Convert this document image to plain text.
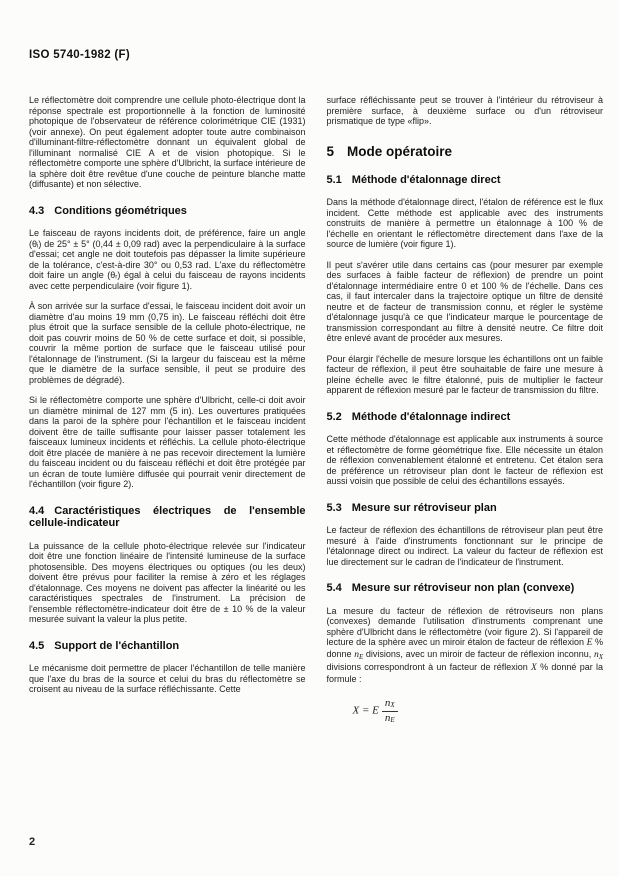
ISO 5740-1982 (F)

Le réflectomètre doit comprendre une cellule photo-électrique dont la réponse spectrale est proportionnelle à la fonction de luminosité photopique de l'observateur de référence colorimétrique CIE (1931) (voir annexe). On peut également adopter toute autre combinaison d'illuminant-filtre-réflectomètre donnant un équivalent global de l'illuminant normalisé CIE A et de vision photopique. Si le réflectomètre comporte une sphère d'Ulbricht, la surface intérieure de la sphère doit être revêtue d'une couche de peinture blanche matte (diffusante) et non sélective.

4.3 Conditions géométriques

Le faisceau de rayons incidents doit, de préférence, faire un angle (θᵢ) de 25° ± 5° (0,44 ± 0,09 rad) avec la perpendiculaire à la surface d'essai; cet angle ne doit toutefois pas dépasser la limite supérieure de la tolérance, c'est-à-dire 30° ou 0,53 rad. L'axe du réflectomètre doit faire un angle (θᵣ) égal à celui du faisceau de rayons incidents avec cette perpendiculaire (voir figure 1).

À son arrivée sur la surface d'essai, le faisceau incident doit avoir un diamètre d'au moins 19 mm (0,75 in). Le faisceau réfléchi doit être plus étroit que la surface sensible de la cellule photo-électrique, ne doit pas couvrir moins de 50 % de cette surface et doit, si possible, couvrir la même portion de surface que le faisceau utilisé pour l'étalonnage de l'instrument. (Si la largeur du faisceau est la même que le diamètre de la surface sensible, il peut se produire des problèmes de dégradé).

Si le réflectomètre comporte une sphère d'Ulbricht, celle-ci doit avoir un diamètre minimal de 127 mm (5 in). Les ouvertures pratiquées dans la paroi de la sphère pour l'échantillon et le faisceau incident doivent être de taille suffisante pour laisser passer totalement les faisceaux lumineux incidents et réfléchis. La cellule photo-électrique doit être placée de manière à ne pas recevoir directement la lumière du faisceau incident ou du faisceau réfléchi et doit être protégée par un écran de toute lumière diffusée qui pourrait venir directement de l'échantillon (voir figure 2).

4.4 Caractéristiques électriques de l'ensemble cellule-indicateur

La puissance de la cellule photo-électrique relevée sur l'indicateur doit être une fonction linéaire de l'intensité lumineuse de la surface photosensible. Des moyens électriques ou optiques (ou les deux) doivent être prévus pour faciliter la remise à zéro et les réglages d'étalonnage. Ces moyens ne doivent pas affecter la linéarité ou les caractéristiques spectrales de l'instrument. La précision de l'ensemble réflectomètre-indicateur doit être de ± 10 % de la valeur mesurée suivant la valeur la plus petite.

4.5 Support de l'échantillon

Le mécanisme doit permettre de placer l'échantillon de telle manière que l'axe du bras de la source et celui du bras du réflectomètre se croisent au niveau de la surface réfléchissante. Cette

surface réfléchissante peut se trouver à l'intérieur du rétroviseur à première surface, à deuxième surface ou d'un rétroviseur prismatique de type «flip».

5 Mode opératoire
5.1 Méthode d'étalonnage direct

Dans la méthode d'étalonnage direct, l'étalon de référence est le flux incident. Cette méthode est applicable avec des instruments construits de manière à permettre un étalonnage à 100 % de l'échelle en orientant le réflectomètre directement dans l'axe de la source de lumière (voir figure 1).

Il peut s'avérer utile dans certains cas (pour mesurer par exemple des surfaces à faible facteur de réflexion) de prendre un point d'étalonnage intermédiaire entre 0 et 100 % de l'échelle. Dans ces cas, il faut intercaler dans la trajectoire optique un filtre de densité neutre et de facteur de transmission connu, et régler le système d'étalonnage jusqu'à ce que l'indicateur marque le pourcentage de transmission correspondant au filtre à densité neutre. Ce filtre doit être enlevé avant de procéder aux mesures.

Pour élargir l'échelle de mesure lorsque les échantillons ont un faible facteur de réflexion, il peut être souhaitable de faire une mesure à pleine échelle avec le filtre étalonné, puis de multiplier le facteur apparent de réflexion mesuré par le facteur de transmission du filtre.

5.2 Méthode d'étalonnage indirect

Cette méthode d'étalonnage est applicable aux instruments à source et réflectomètre de forme géométrique fixe. Elle nécessite un étalon de réflexion convenablement étalonné et entretenu. Cet étalon sera de préférence un rétroviseur plan dont le facteur de réflexion est aussi voisin que possible de celui des échantillons essayés.

5.3 Mesure sur rétroviseur plan

Le facteur de réflexion des échantillons de rétroviseur plan peut être mesuré à l'aide d'instruments fonctionnant sur le principe de l'étalonnage direct ou indirect. La valeur du facteur de réflexion est lue directement sur le cadran de l'indicateur de l'instrument.

5.4 Mesure sur rétroviseur non plan (convexe)

La mesure du facteur de réflexion de rétroviseurs non plans (convexes) demande l'utilisation d'instruments comprenant une sphère d'Ulbricht dans le réflectomètre (voir figure 2). Si l'appareil de lecture de la sphère avec un miroir étalon de facteur de réflexion E % donne $n_E$ divisions, avec un miroir de facteur de réflexion inconnu, $n_X$ divisions correspondront à un facteur de réflexion X % donné par la formule :

X = E $\frac{n_X}{n_E}$
2
